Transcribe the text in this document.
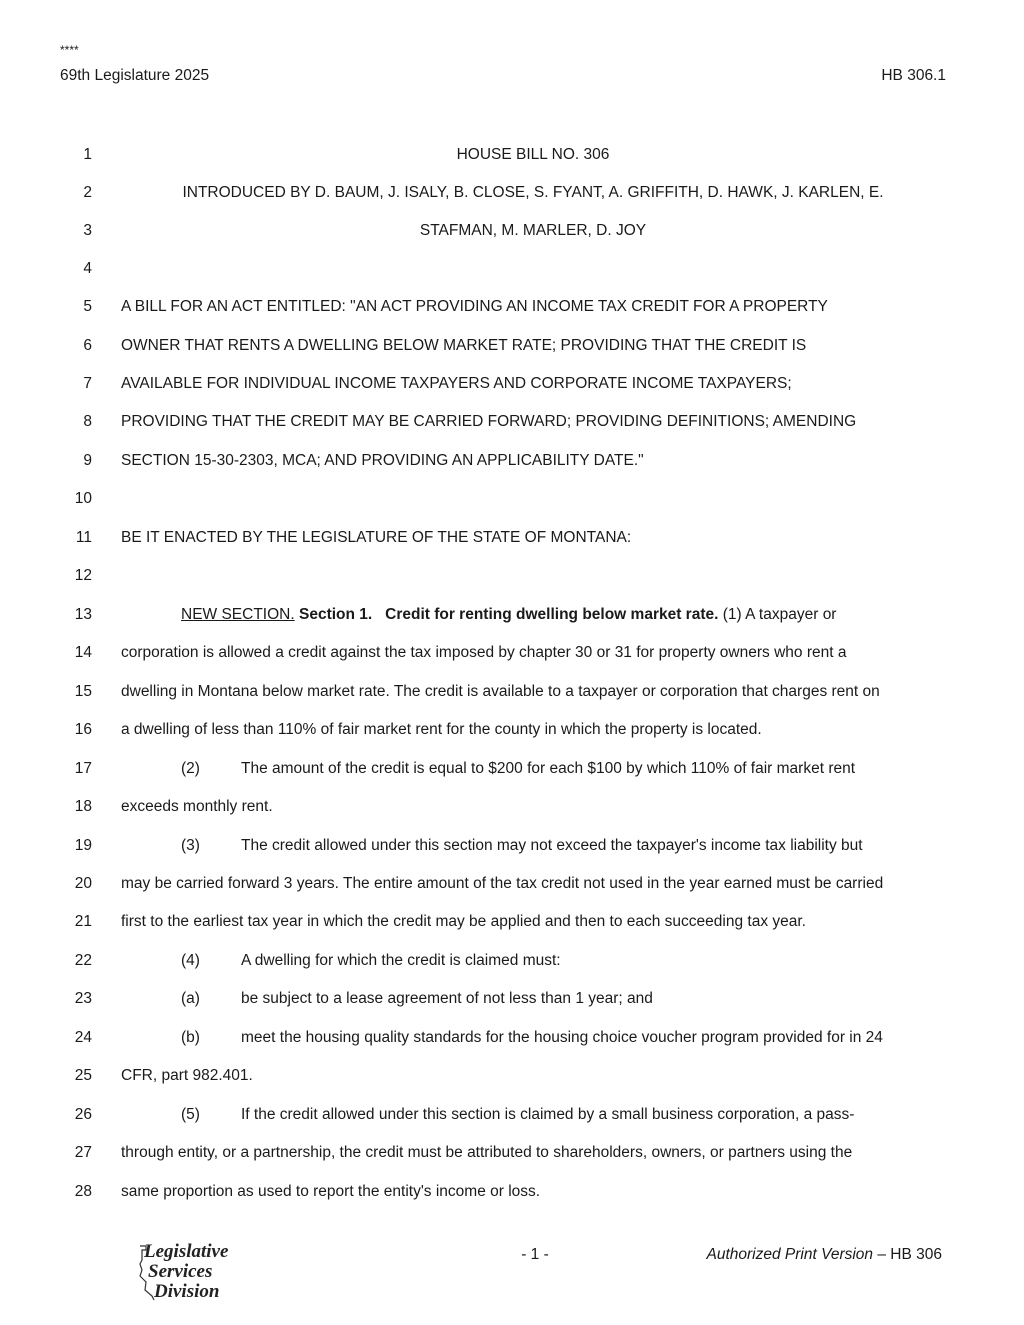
****
69th Legislature 2025	HB 306.1
1
2
3
4
5
6
7
8
9
10
11
12
13
14
15
16
17
18
19
20
21
22
23
24
25
26
27
28
HOUSE BILL NO. 306
INTRODUCED BY D. BAUM, J. ISALY, B. CLOSE, S. FYANT, A. GRIFFITH, D. HAWK, J. KARLEN, E.
STAFMAN, M. MARLER, D. JOY
A BILL FOR AN ACT ENTITLED: "AN ACT PROVIDING AN INCOME TAX CREDIT FOR A PROPERTY
OWNER THAT RENTS A DWELLING BELOW MARKET RATE; PROVIDING THAT THE CREDIT IS
AVAILABLE FOR INDIVIDUAL INCOME TAXPAYERS AND CORPORATE INCOME TAXPAYERS;
PROVIDING THAT THE CREDIT MAY BE CARRIED FORWARD; PROVIDING DEFINITIONS; AMENDING
SECTION 15-30-2303, MCA; AND PROVIDING AN APPLICABILITY DATE."
BE IT ENACTED BY THE LEGISLATURE OF THE STATE OF MONTANA:
NEW SECTION. Section 1. Credit for renting dwelling below market rate. (1) A taxpayer or
corporation is allowed a credit against the tax imposed by chapter 30 or 31 for property owners who rent a
dwelling in Montana below market rate. The credit is available to a taxpayer or corporation that charges rent on
a dwelling of less than 110% of fair market rent for the county in which the property is located.
(2)	The amount of the credit is equal to $200 for each $100 by which 110% of fair market rent
exceeds monthly rent.
(3)	The credit allowed under this section may not exceed the taxpayer's income tax liability but
may be carried forward 3 years. The entire amount of the tax credit not used in the year earned must be carried
first to the earliest tax year in which the credit may be applied and then to each succeeding tax year.
(4)	A dwelling for which the credit is claimed must:
(a)	be subject to a lease agreement of not less than 1 year; and
(b)	meet the housing quality standards for the housing choice voucher program provided for in 24
CFR, part 982.401.
(5)	If the credit allowed under this section is claimed by a small business corporation, a pass-
through entity, or a partnership, the credit must be attributed to shareholders, owners, or partners using the
same proportion as used to report the entity's income or loss.
Legislative
Services
Division
- 1 -	Authorized Print Version – HB 306
